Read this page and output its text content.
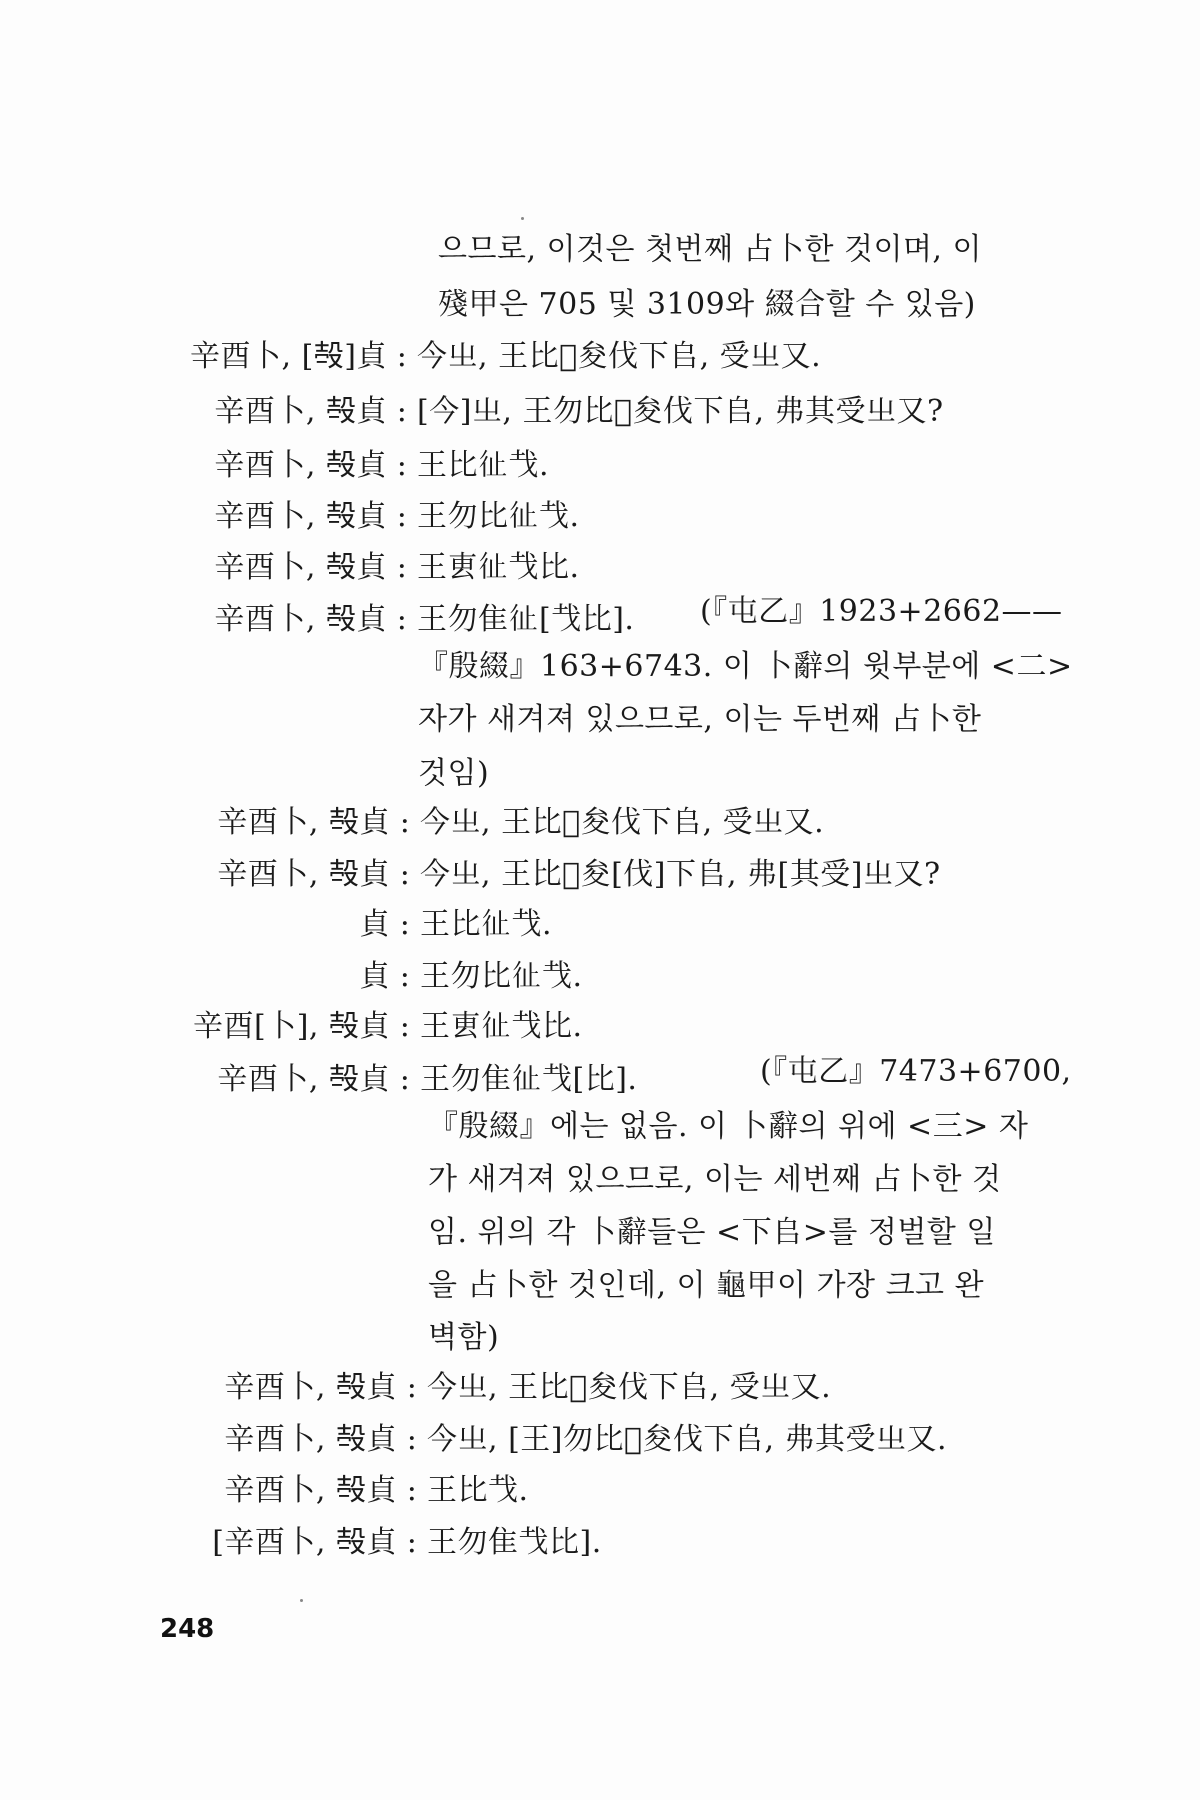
으므로, 이것은 첫번째 占卜한 것이며, 이
殘甲은 705 및 3109와 綴合할 수 있음)
辛酉卜, [𣪊]貞 : 今㞢, 王比𦎫夋伐下𠂤, 受㞢又.
辛酉卜, 𣪊貞 : [今]㞢, 王勿比𦎫夋伐下𠂤, 弗其受㞢又?
辛酉卜, 𣪊貞 : 王比𢓊𢦏.
辛酉卜, 𣪊貞 : 王勿比𢓊𢦏.
辛酉卜, 𣪊貞 : 王叀𢓊𢦏比.
辛酉卜, 𣪊貞 : 王勿隹𢓊[𢦏比]. (『屯乙』1923+2662——
『殷綴』163+6743. 이 卜辭의 윗부분에 <二>
자가 새겨져 있으므로, 이는 두번째 占卜한
것임)
辛酉卜, 𣪊貞 : 今㞢, 王比𦎫夋伐下𠂤, 受㞢又.
辛酉卜, 𣪊貞 : 今㞢, 王比𦎫夋[伐]下𠂤, 弗[其受]㞢又?
貞 : 王比𢓊𢦏.
貞 : 王勿比𢓊𢦏.
辛酉[卜], 𣪊貞 : 王叀𢓊𢦏比.
辛酉卜, 𣪊貞 : 王勿隹𢓊𢦏[比].	(『屯乙』7473+6700,
『殷綴』에는 없음. 이 卜辭의 위에 <三> 자
가 새겨져 있으므로, 이는 세번째 占卜한 것
임. 위의 각 卜辭들은 <下𠂤>를 정벌할 일
을 占卜한 것인데, 이 龜甲이 가장 크고 완
벽함)
辛酉卜, 𣪊貞 : 今㞢, 王比𦎫夋伐下𠂤, 受㞢又.
辛酉卜, 𣪊貞 : 今㞢, [王]勿比𦎫夋伐下𠂤, 弗其受㞢又.
辛酉卜, 𣪊貞 : 王比𢦏.
[辛酉卜, 𣪊貞 : 王勿隹𢦏比].
248
